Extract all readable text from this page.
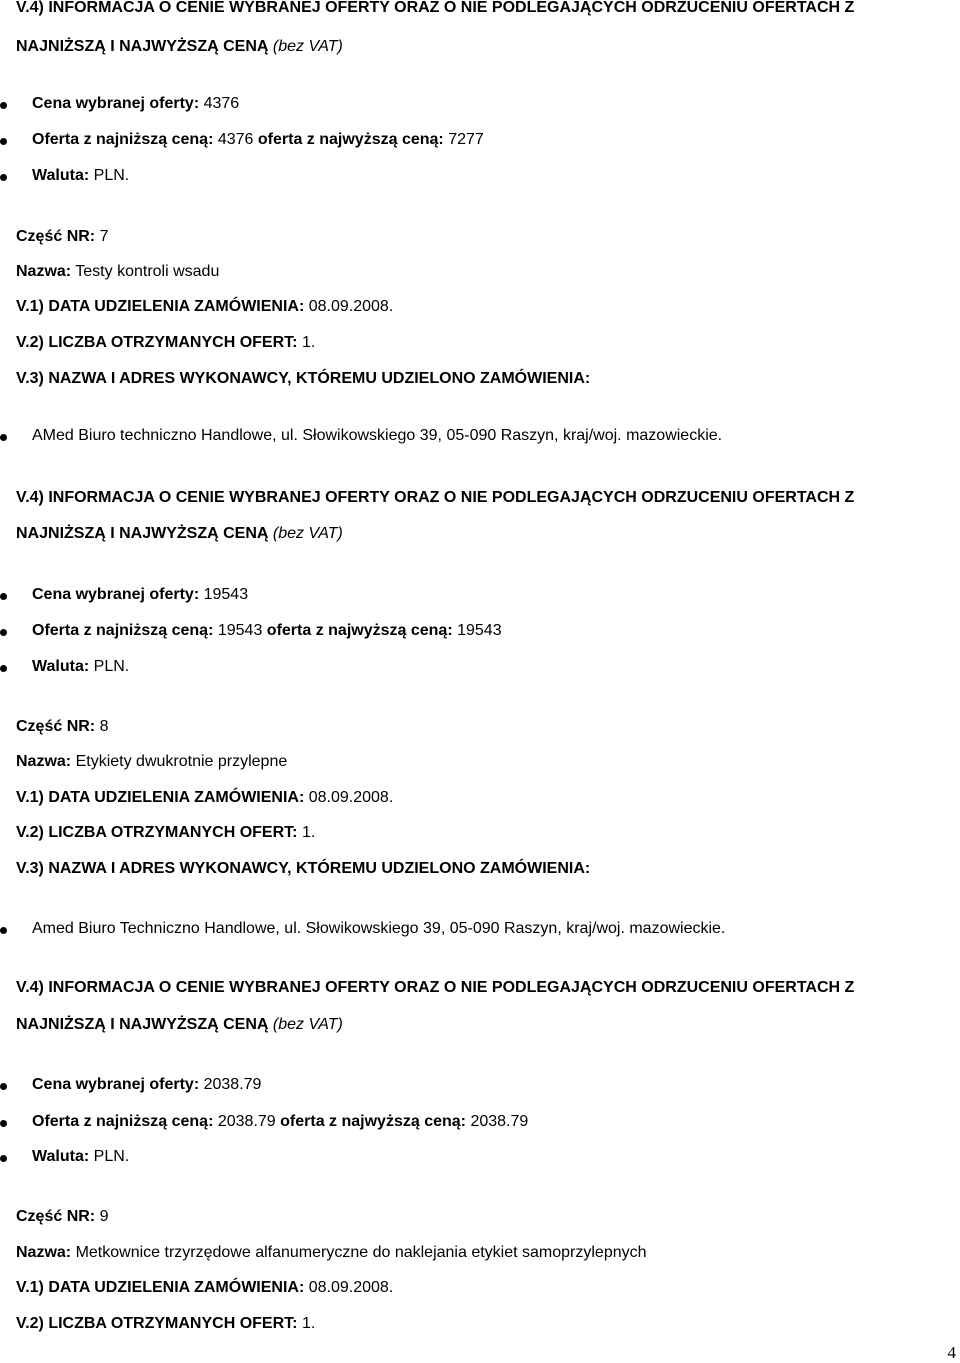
V.4) INFORMACJA O CENIE WYBRANEJ OFERTY ORAZ O NIE PODLEGAJĄCYCH ODRZUCENIU OFERTACH Z
NAJNIŻSZĄ I NAJWYŻSZĄ CENĄ (bez VAT)
Cena wybranej oferty: 4376
Oferta z najniższą ceną: 4376 oferta z najwyższą ceną: 7277
Waluta: PLN.
Część NR: 7
Nazwa: Testy kontroli wsadu
V.1) DATA UDZIELENIA ZAMÓWIENIA: 08.09.2008.
V.2) LICZBA OTRZYMANYCH OFERT: 1.
V.3) NAZWA I ADRES WYKONAWCY, KTÓREMU UDZIELONO ZAMÓWIENIA:
AMed Biuro techniczno Handlowe, ul. Słowikowskiego 39, 05-090 Raszyn, kraj/woj. mazowieckie.
V.4) INFORMACJA O CENIE WYBRANEJ OFERTY ORAZ O NIE PODLEGAJĄCYCH ODRZUCENIU OFERTACH Z
NAJNIŻSZĄ I NAJWYŻSZĄ CENĄ (bez VAT)
Cena wybranej oferty: 19543
Oferta z najniższą ceną: 19543 oferta z najwyższą ceną: 19543
Waluta: PLN.
Część NR: 8
Nazwa: Etykiety dwukrotnie przylepne
V.1) DATA UDZIELENIA ZAMÓWIENIA: 08.09.2008.
V.2) LICZBA OTRZYMANYCH OFERT: 1.
V.3) NAZWA I ADRES WYKONAWCY, KTÓREMU UDZIELONO ZAMÓWIENIA:
Amed Biuro Techniczno Handlowe, ul. Słowikowskiego 39, 05-090 Raszyn, kraj/woj. mazowieckie.
V.4) INFORMACJA O CENIE WYBRANEJ OFERTY ORAZ O NIE PODLEGAJĄCYCH ODRZUCENIU OFERTACH Z
NAJNIŻSZĄ I NAJWYŻSZĄ CENĄ (bez VAT)
Cena wybranej oferty: 2038.79
Oferta z najniższą ceną: 2038.79 oferta z najwyższą ceną: 2038.79
Waluta: PLN.
Część NR: 9
Nazwa: Metkownice trzyrzędowe alfanumeryczne do naklejania etykiet samoprzylepnych
V.1) DATA UDZIELENIA ZAMÓWIENIA: 08.09.2008.
V.2) LICZBA OTRZYMANYCH OFERT: 1.
4
